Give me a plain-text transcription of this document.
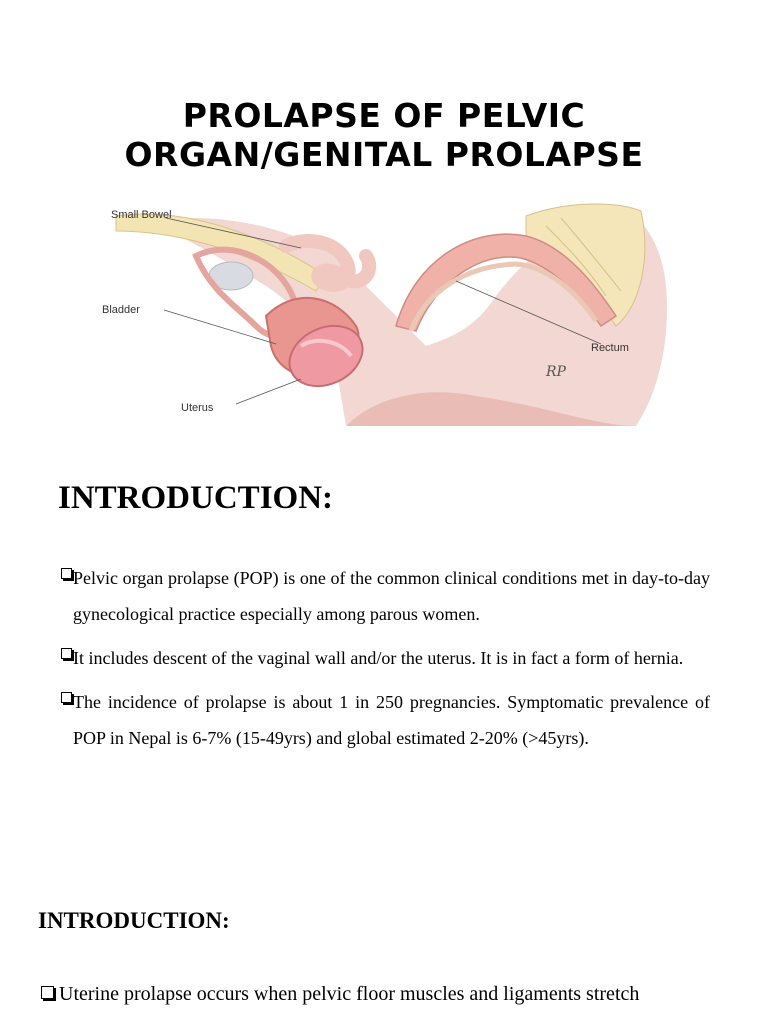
PROLAPSE OF PELVIC
ORGAN/GENITAL PROLAPSE
Small Bowel
Bladder
Uterus
Rectum
RP
INTRODUCTION:
Pelvic organ prolapse (POP) is one of the common clinical conditions met in day-to-day gynecological practice especially among parous women.
It includes descent of the vaginal wall and/or the uterus. It is in fact a form of hernia.
The incidence of prolapse is about 1 in 250 pregnancies. Symptomatic prevalence of POP in Nepal is 6-7% (15-49yrs) and global estimated 2-20% (>45yrs).
INTRODUCTION:
Uterine prolapse occurs when pelvic floor muscles and ligaments stretch
